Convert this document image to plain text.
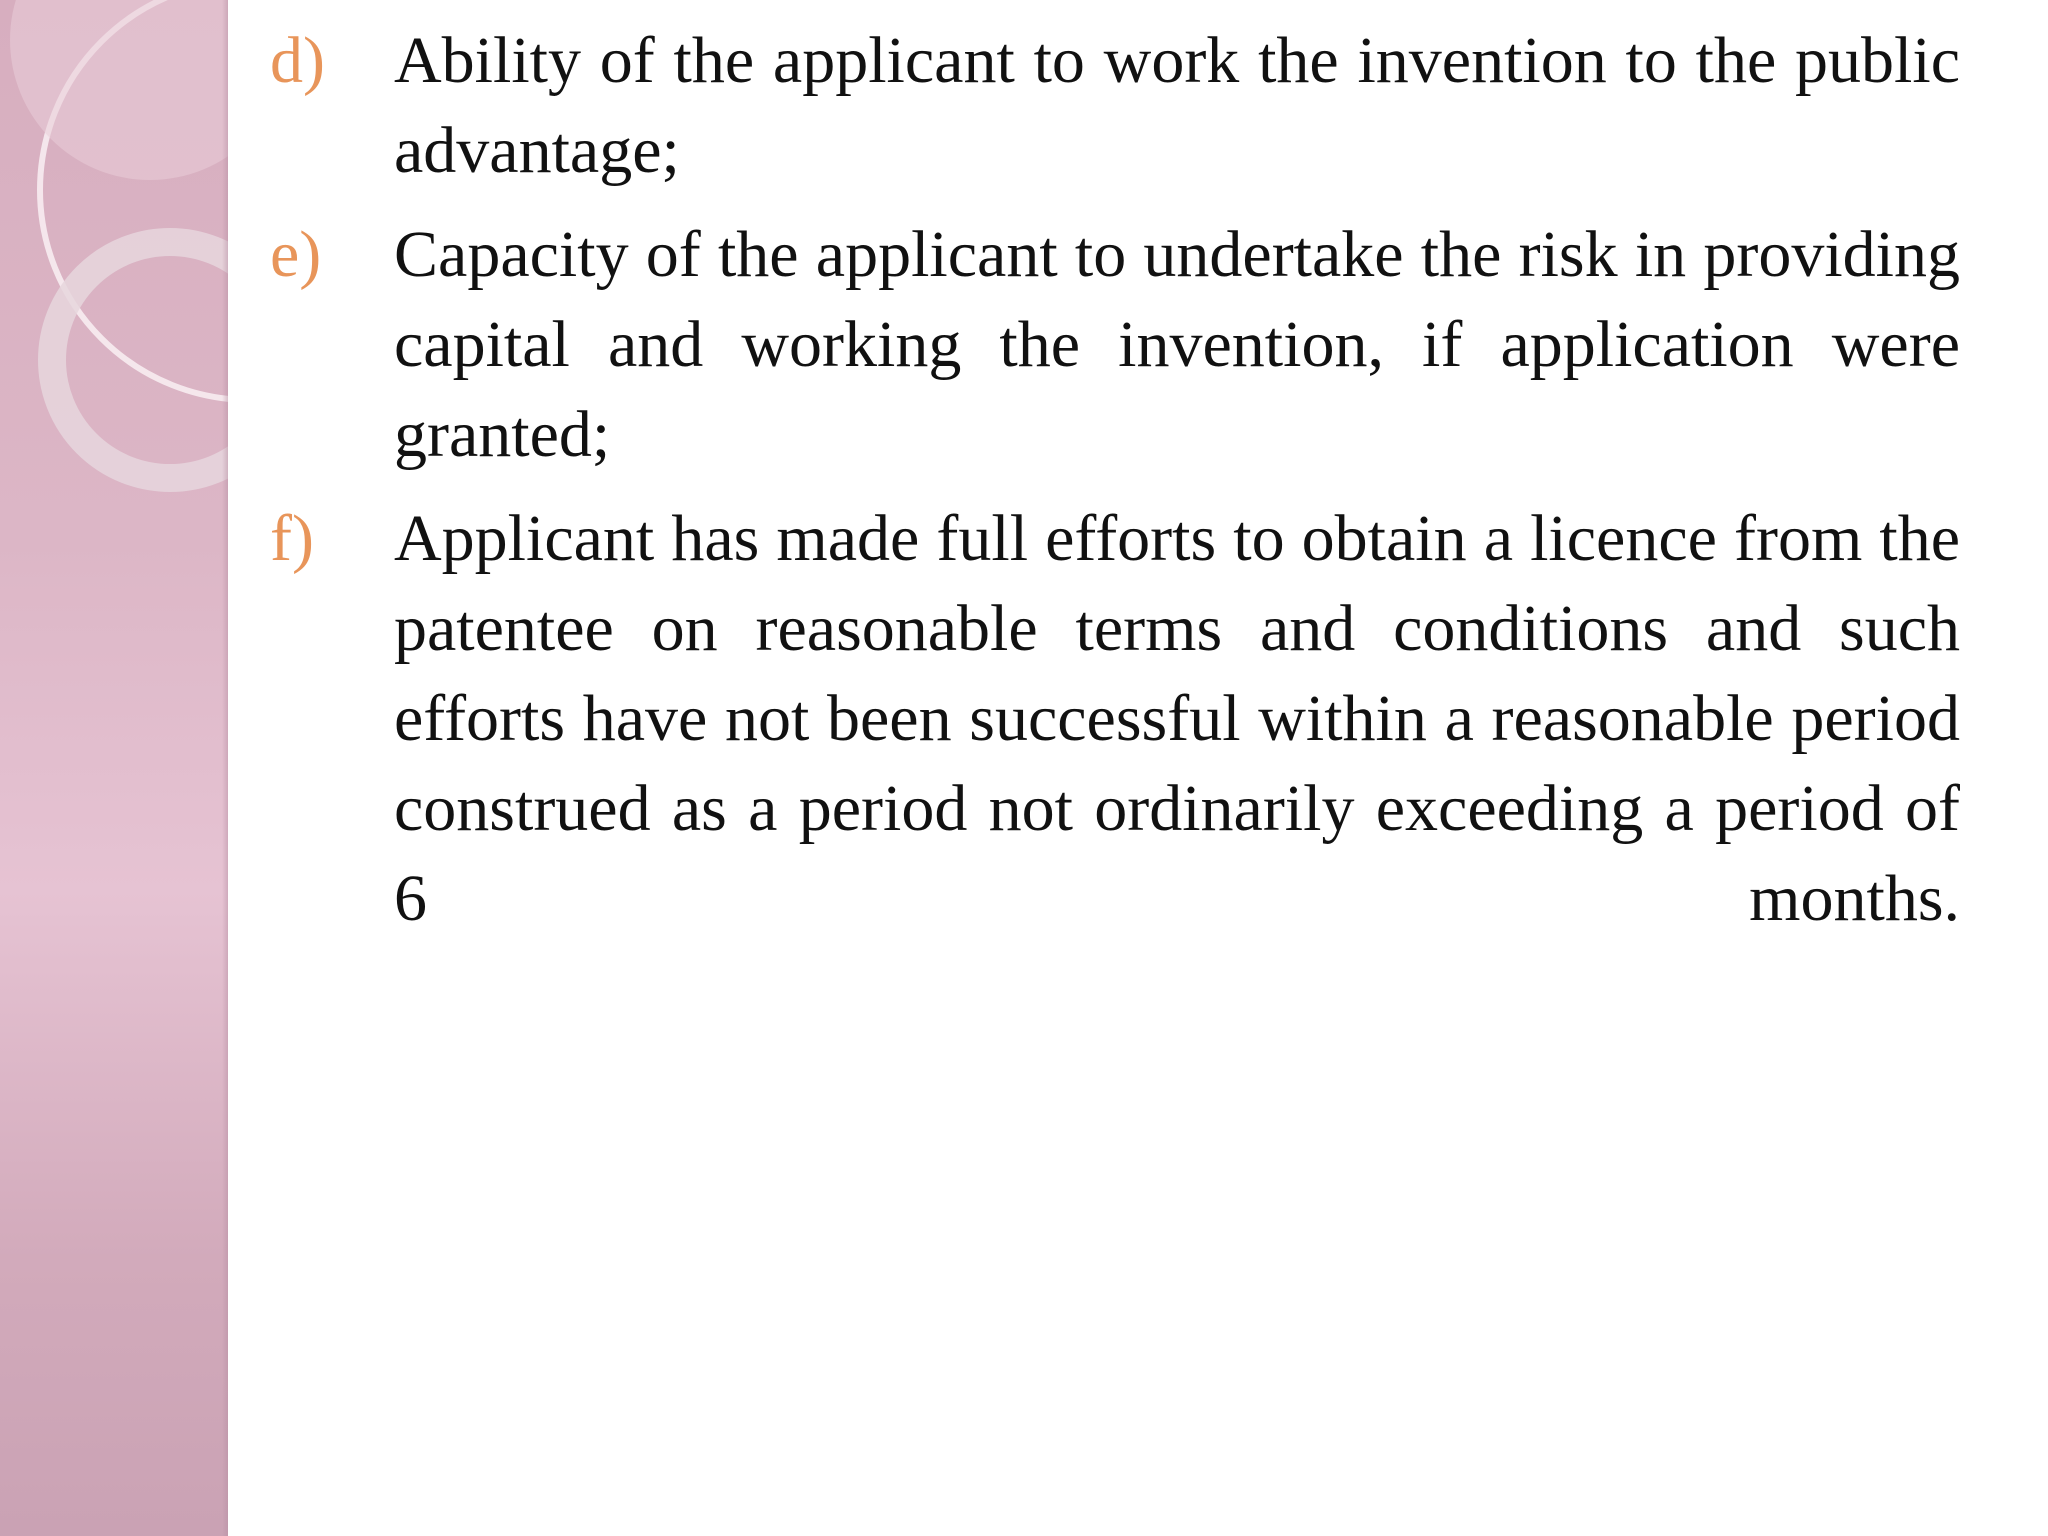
d)	Ability of the applicant to work the invention to the public advantage;
e)	Capacity of the applicant to undertake the risk in providing capital and working the invention, if application were granted;
f)	Applicant has made full efforts to obtain a licence from the patentee on reasonable terms and conditions and such efforts have not been successful within a reasonable period construed as a period not ordinarily exceeding a period of 6 months.
